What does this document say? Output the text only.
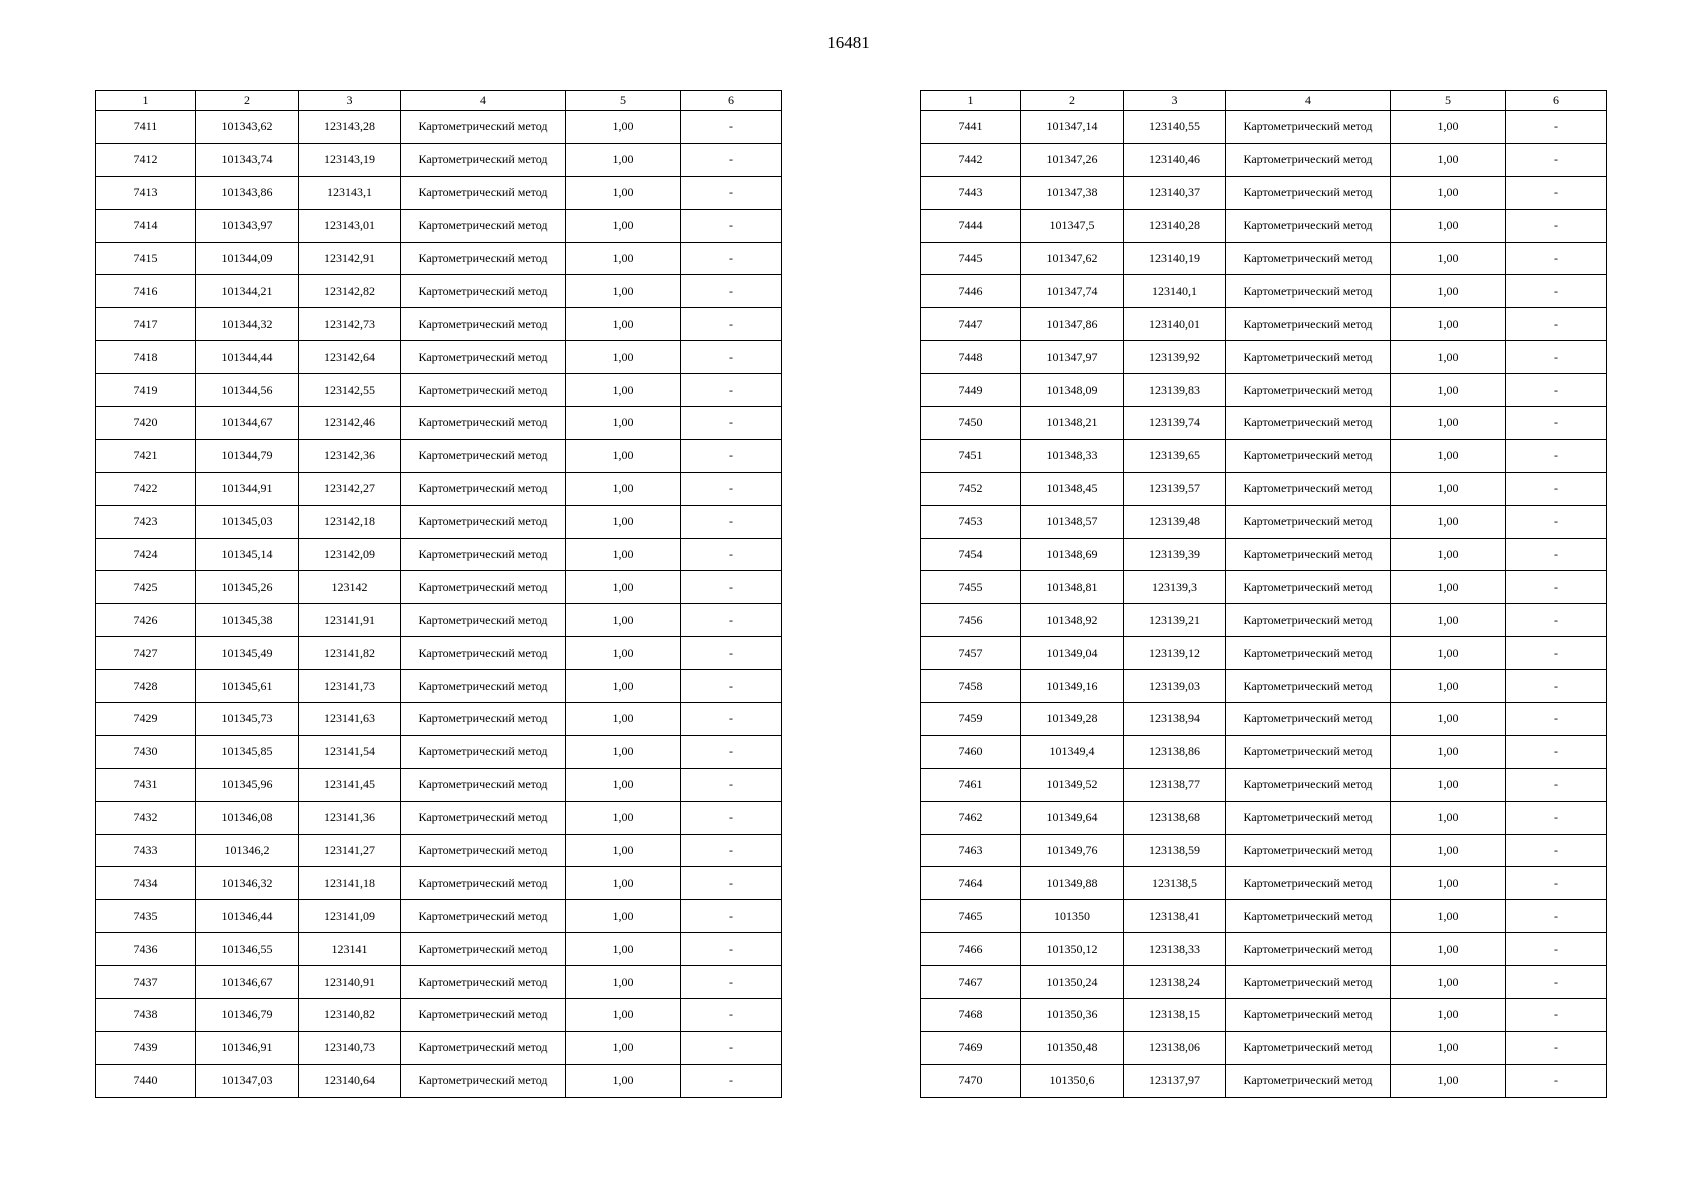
16481
1	2	3	4	5	6
7411	101343,62	123143,28	Картометрический метод	1,00	-
7412	101343,74	123143,19	Картометрический метод	1,00	-
7413	101343,86	123143,1	Картометрический метод	1,00	-
7414	101343,97	123143,01	Картометрический метод	1,00	-
7415	101344,09	123142,91	Картометрический метод	1,00	-
7416	101344,21	123142,82	Картометрический метод	1,00	-
7417	101344,32	123142,73	Картометрический метод	1,00	-
7418	101344,44	123142,64	Картометрический метод	1,00	-
7419	101344,56	123142,55	Картометрический метод	1,00	-
7420	101344,67	123142,46	Картометрический метод	1,00	-
7421	101344,79	123142,36	Картометрический метод	1,00	-
7422	101344,91	123142,27	Картометрический метод	1,00	-
7423	101345,03	123142,18	Картометрический метод	1,00	-
7424	101345,14	123142,09	Картометрический метод	1,00	-
7425	101345,26	123142	Картометрический метод	1,00	-
7426	101345,38	123141,91	Картометрический метод	1,00	-
7427	101345,49	123141,82	Картометрический метод	1,00	-
7428	101345,61	123141,73	Картометрический метод	1,00	-
7429	101345,73	123141,63	Картометрический метод	1,00	-
7430	101345,85	123141,54	Картометрический метод	1,00	-
7431	101345,96	123141,45	Картометрический метод	1,00	-
7432	101346,08	123141,36	Картометрический метод	1,00	-
7433	101346,2	123141,27	Картометрический метод	1,00	-
7434	101346,32	123141,18	Картометрический метод	1,00	-
7435	101346,44	123141,09	Картометрический метод	1,00	-
7436	101346,55	123141	Картометрический метод	1,00	-
7437	101346,67	123140,91	Картометрический метод	1,00	-
7438	101346,79	123140,82	Картометрический метод	1,00	-
7439	101346,91	123140,73	Картометрический метод	1,00	-
7440	101347,03	123140,64	Картометрический метод	1,00	-
1	2	3	4	5	6
7441	101347,14	123140,55	Картометрический метод	1,00	-
7442	101347,26	123140,46	Картометрический метод	1,00	-
7443	101347,38	123140,37	Картометрический метод	1,00	-
7444	101347,5	123140,28	Картометрический метод	1,00	-
7445	101347,62	123140,19	Картометрический метод	1,00	-
7446	101347,74	123140,1	Картометрический метод	1,00	-
7447	101347,86	123140,01	Картометрический метод	1,00	-
7448	101347,97	123139,92	Картометрический метод	1,00	-
7449	101348,09	123139,83	Картометрический метод	1,00	-
7450	101348,21	123139,74	Картометрический метод	1,00	-
7451	101348,33	123139,65	Картометрический метод	1,00	-
7452	101348,45	123139,57	Картометрический метод	1,00	-
7453	101348,57	123139,48	Картометрический метод	1,00	-
7454	101348,69	123139,39	Картометрический метод	1,00	-
7455	101348,81	123139,3	Картометрический метод	1,00	-
7456	101348,92	123139,21	Картометрический метод	1,00	-
7457	101349,04	123139,12	Картометрический метод	1,00	-
7458	101349,16	123139,03	Картометрический метод	1,00	-
7459	101349,28	123138,94	Картометрический метод	1,00	-
7460	101349,4	123138,86	Картометрический метод	1,00	-
7461	101349,52	123138,77	Картометрический метод	1,00	-
7462	101349,64	123138,68	Картометрический метод	1,00	-
7463	101349,76	123138,59	Картометрический метод	1,00	-
7464	101349,88	123138,5	Картометрический метод	1,00	-
7465	101350	123138,41	Картометрический метод	1,00	-
7466	101350,12	123138,33	Картометрический метод	1,00	-
7467	101350,24	123138,24	Картометрический метод	1,00	-
7468	101350,36	123138,15	Картометрический метод	1,00	-
7469	101350,48	123138,06	Картометрический метод	1,00	-
7470	101350,6	123137,97	Картометрический метод	1,00	-
